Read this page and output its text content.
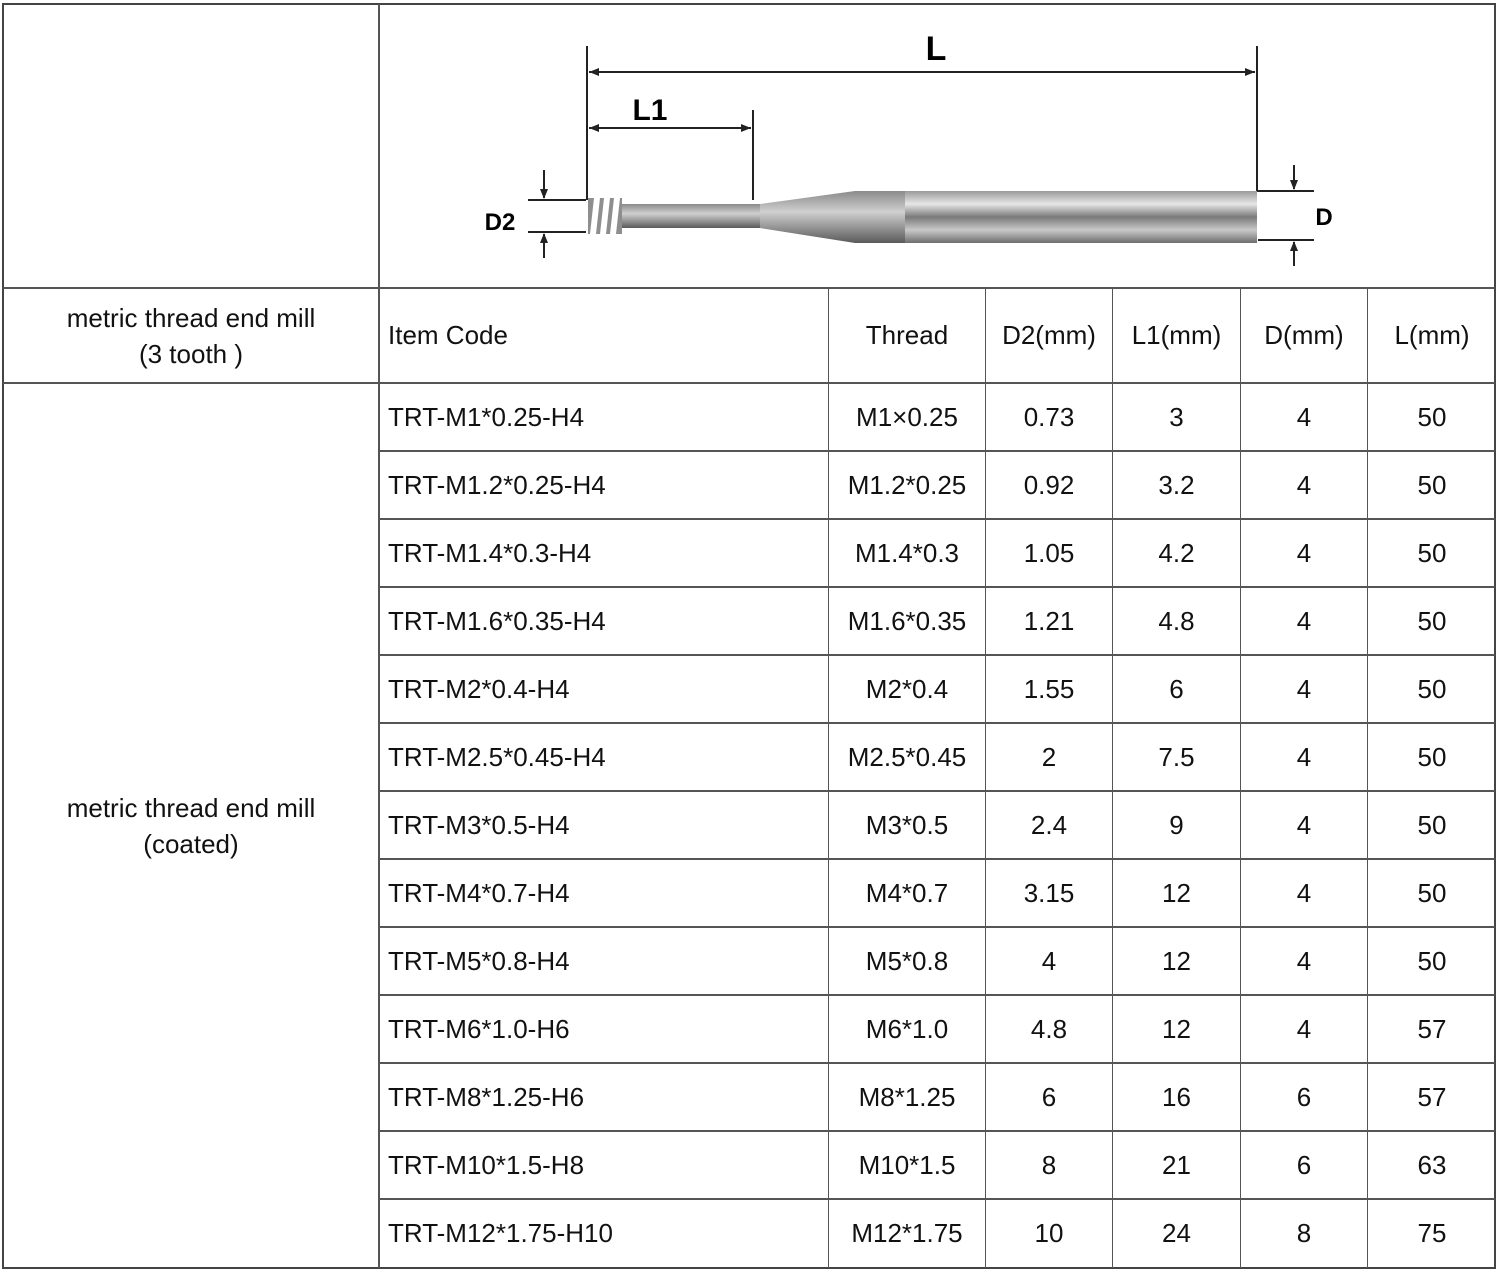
L
L1
D2	D
metric thread end mill
(3 tooth )
Item Code	Thread	D2(mm)	L1(mm)	D(mm)	L(mm)
metric thread end mill
(coated)
TRT-M1*0.25-H4	M1×0.25	0.73	3	4	50
TRT-M1.2*0.25-H4	M1.2*0.25	0.92	3.2	4	50
TRT-M1.4*0.3-H4	M1.4*0.3	1.05	4.2	4	50
TRT-M1.6*0.35-H4	M1.6*0.35	1.21	4.8	4	50
TRT-M2*0.4-H4	M2*0.4	1.55	6	4	50
TRT-M2.5*0.45-H4	M2.5*0.45	2	7.5	4	50
TRT-M3*0.5-H4	M3*0.5	2.4	9	4	50
TRT-M4*0.7-H4	M4*0.7	3.15	12	4	50
TRT-M5*0.8-H4	M5*0.8	4	12	4	50
TRT-M6*1.0-H6	M6*1.0	4.8	12	4	57
TRT-M8*1.25-H6	M8*1.25	6	16	6	57
TRT-M10*1.5-H8	M10*1.5	8	21	6	63
TRT-M12*1.75-H10	M12*1.75	10	24	8	75
